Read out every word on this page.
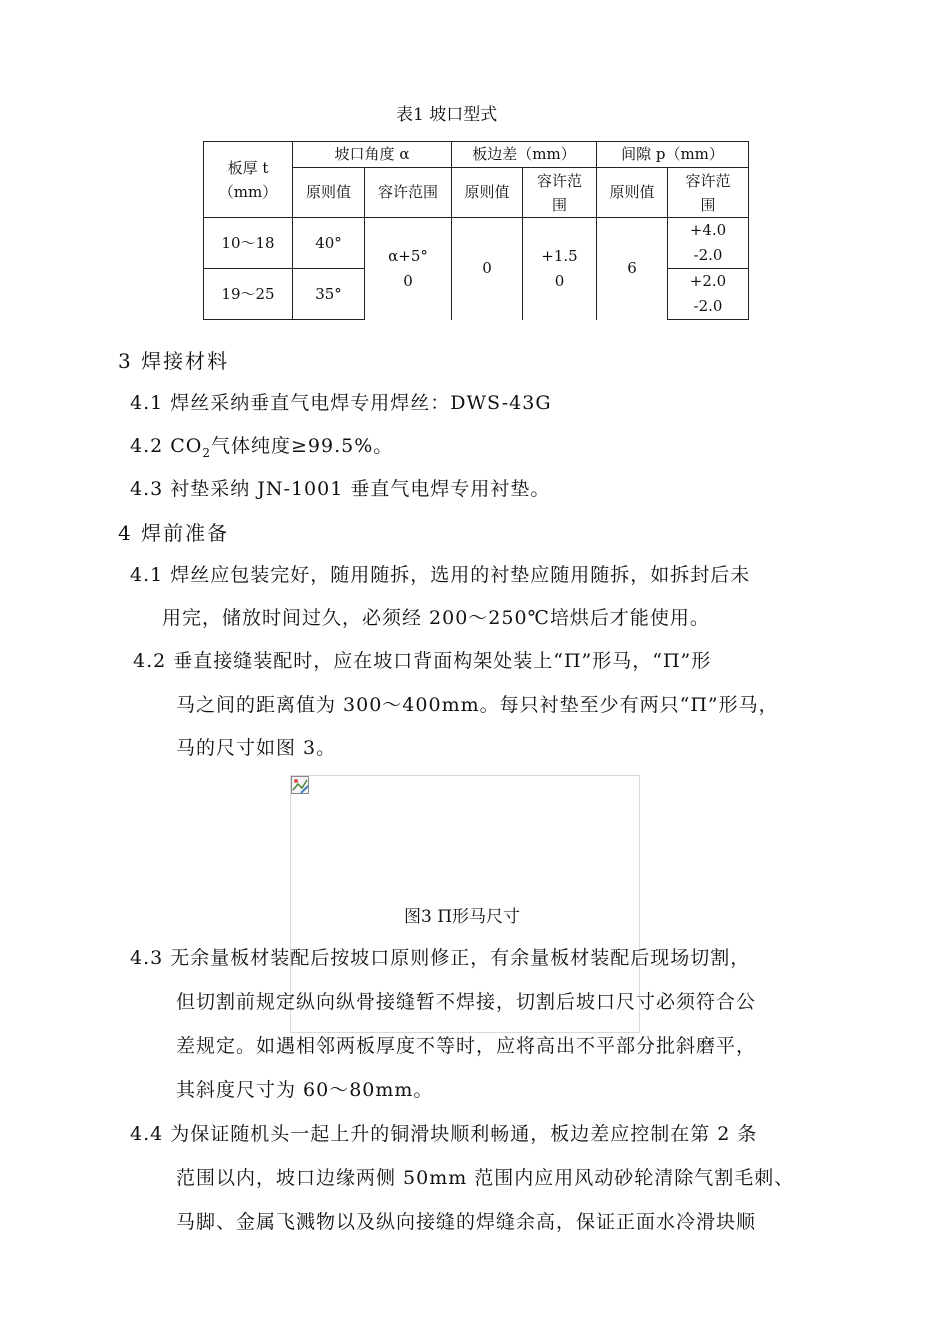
表1 坡口型式
板厚 t（mm）	坡口角度 α		板边差（mm）		间隙 p（mm）	
	原则值	容许范围	原则值	容许范围	原则值	容许范围
10～18	40°	α+5° 0	0	+1.5 0	6	+4.0 -2.0
19～25	35°					+2.0 -2.0
3 焊接材料
4.1 焊丝采纳垂直气电焊专用焊丝：DWS-43G
4.2 $CO_2$气体纯度≥99.5%。
4.3 衬垫采纳 JN-1001 垂直气电焊专用衬垫。
4 焊前准备
4.1 焊丝应包装完好，随用随拆，选用的衬垫应随用随拆，如拆封后未
用完，储放时间过久，必须经 200～250℃培烘后才能使用。
4.2 垂直接缝装配时，应在坡口背面构架处装上“Π”形马，“Π”形
马之间的距离值为 300～400mm。每只衬垫至少有两只“Π”形马，
马的尺寸如图 3。
图3 Π形马尺寸
4.3 无余量板材装配后按坡口原则修正，有余量板材装配后现场切割，
但切割前规定纵向纵骨接缝暂不焊接，切割后坡口尺寸必须符合公
差规定。如遇相邻两板厚度不等时，应将高出不平部分批斜磨平，
其斜度尺寸为 60～80mm。
4.4 为保证随机头一起上升的铜滑块顺利畅通，板边差应控制在第 2 条
范围以内，坡口边缘两侧 50mm 范围内应用风动砂轮清除气割毛刺、
马脚、金属飞溅物以及纵向接缝的焊缝余高，保证正面水冷滑块顺
